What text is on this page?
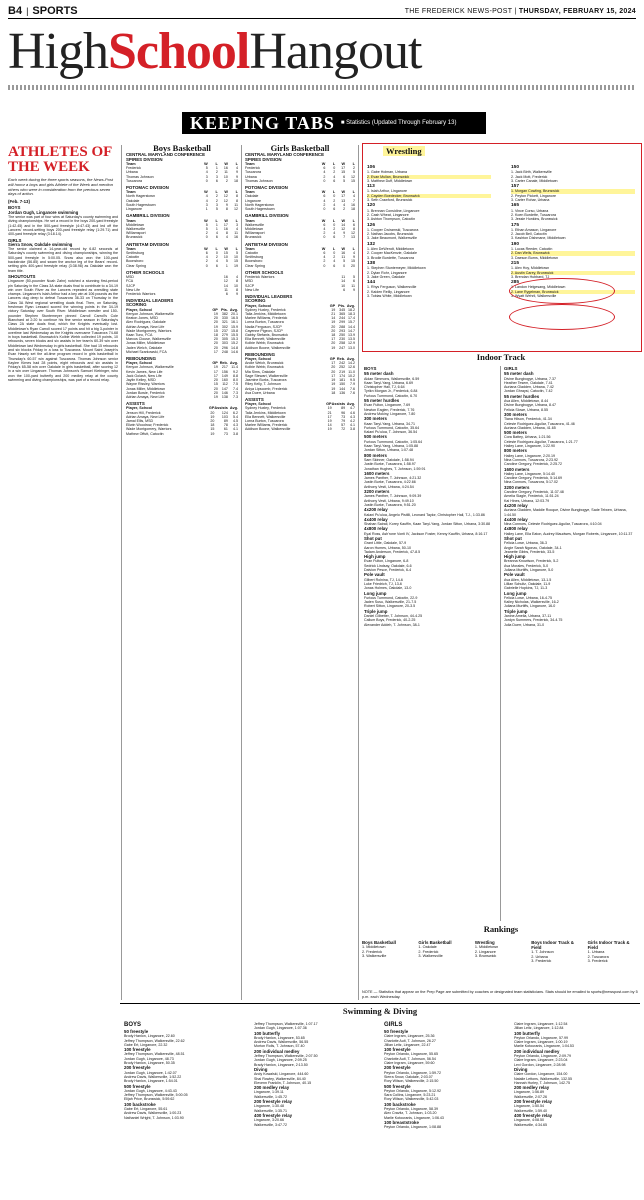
B4 | SPORTS	THE FREDERICK NEWS-POST | THURSDAY, FEBRUARY 15, 2024
HighSchoolHangout
KEEPING TABS ■ Statistics (Updated Through February 13)
ATHLETES OF THE WEEK
Each week during the three sports seasons, the News-Post will honor a boys and girls Athlete of the Week and mention others who were in consideration from the previous seven days of action.
(Feb. 7-13)
BOYS
Jordan Gugh, Linganore swimming
The senior was part of four wins at Saturday's county swimming and diving championships. He set a record in the boys 200-yard freestyle (1:42.45) and in the 500-yard freestyle (4:47.43) and led off the Lancers' record-setting boys 200-yard freestyle relay (1:29.71) and 400-yard freestyle relay (3:18.14).
GIRLS
Sierra Snow, Oakdale swimming
The senior claimed a 14-year-old record by 6.82 seconds at Saturday's county swimming and diving championships, winning the 500-yard freestyle in 5:00.05. Snow also won the 100-yard backstroke (56.85) and swam the anchor leg of the Bears' record-setting girls 400-yard freestyle relay (3:38.98) as Oakdale won the team title.
SHOUTOUTS
Linganore (50-pounder Noah Zahn) notched a stunning first-period pin Saturday in the Class 3A state duals final to contribute to a 34-19 win over South River as the Lancers repeated as wrestling state champs. Linganore's Isiah Arthur had a key win at 106 pounds as the Lancers dug deep to defeat Tuscarora 36-33 on Thursday in the Class 3A West regional wrestling duals final. Then, on Saturday, freshman Ryan Lessard scored the winning points in the 34-19 victory Saturday over South River. Middletown wrestler and 150-pounder Stephen Stuntemeyer pinned Carroll Carroll's Cole Blanchard at 2:20 to continue his fine senior season in Saturday's Class 2A state duals final, which the Knights eventually lost. Middletown's Ryan Carroll scored 17 points and hit a big 3-pointer in overtime last Wednesday as the Knights overcame Tuscarora 74-68 in boys basketball. Brunswick's Kolbie Webb collected 19 points, 10 rebounds, seven blocks and six assists in her team's 60-39 win over Middletown last Wednesday in girls basketball. She had 15 rebounds and six blocks Friday in a loss to Tuscarora. Mount Saint Joseph's Evan Hasely set the all-time program record in girls basketball in Thursday's 60-57 win against Tuscarora. Thomas Johnson senior Kaylee Kimes had 28 points, eight rebounds and six assists in Friday's 65-58 win over Oakdale in girls basketball, after scoring 12 in a win over Linganore. Thomas Johnson's Samuel Kiebinger, who won the 100-yard butterfly and 200 medley relay at the county swimming and diving championships, was part of a record relay.
Boys Basketball
CENTRAL MARYLAND CONFERENCE
SPIRES DIVISION
Team	W	L	W	L
Frederick	5	1	16	4
Urbana	4	2	11	9
Thomas Johnson	3	3	10	9
Tuscarora	0	6	2	18
POTOMAC DIVISION
Team	W	L	W	L
North Hagerstown	4	2	12	8
Oakdale	4	2	12	8
South Hagerstown	3	3	9	11
Linganore	1	5	8	12
GAMBRILL DIVISION
Team	W	L	W	L
Middletown	5	1	17	3
Walkersville	5	1	16	4
Williamsport	2	4	8	11
Brunswick	0	6	4	16
ANTIETAM DIVISION
Team	W	L	W	L
Smithsburg	6	0	15	5
Catoctin	4	2	10	10
Boonsboro	2	4	5	15
Clear Spring	0	6	1	19
OTHER SCHOOLS
MSD	16	4
FCA	12	8
SJCP	14	10
New Life	11	8
Frederick Warriors	6	9
INDIVIDUAL LEADERS
SCORING
Player, School	GP	Pts.	Avg.
Kenyon Johnson, Walkersville	19	382	20.1
Keaton Jones, MSD	20	330	16.5
Alex Rodriguez, Oakdale	20	321	16.1
Adrian Amaya, New Life	19	302	15.9
Wade Montgomery, Warriors	15	237	15.8
Kaan Tunc, FCA	18	279	15.5
Marcus Clouse, Walkersville	20	305	15.3
Jonas Miller, Middletown	20	303	15.2
Jaden Welch, Oakdale	20	296	14.8
Michael Szarkowski, FCA	17	248	14.6
REBOUNDING
Player, School	GP	Reb.	Avg.
Kenyon Johnson, Walkersville	19	217	11.4
Kevin James, New Life	17	156	9.2
Jack Golash, New Life	17	149	8.8
Jaylin Kelley, MSD	20	160	8.0
Wayne Rissley, Warriors	15	112	7.5
Jonas Miller, Middletown	20	147	7.4
Jordan Bowie, Frederick	20	146	7.3
Adrian Amaya, New Life	19	138	7.3
ASSISTS
Player, School	GP	Assists	Avg.
Jenson Hill, Frederick	20	124	6.2
Adrian Amaya, New Life	19	103	5.4
Jamal Ellis, MSD	20	89	4.5
Ellwin Woodrow, Frederick	18	78	4.3
Wade Montgomery, Warriors	15	61	4.1
Mathew Offutt, Catoctin	19	73	3.8
Girls Basketball
CENTRAL MARYLAND CONFERENCE
SPIRES DIVISION
Team	W	L	W	L
Frederick	6	0	17	2
Tuscarora	4	2	15	5
Urbana	2	4	6	12
Thomas Johnson	0	6	5	15
POTOMAC DIVISION
Team	W	L	W	L
Oakdale	6	0	17	4
Linganore	4	2	13	7
North Hagerstown	2	4	4	16
South Hagerstown	0	6	2	18
GAMBRILL DIVISION
Team	W	L	W	L
Walkersville	6	0	14	6
Middletown	4	2	12	8
Williamsport	2	4	9	12
Brunswick	0	6	7	13
ANTIETAM DIVISION
Team	W	L	W	L
Catoctin	6	0	16	4
Smithsburg	4	2	11	9
Boonsboro	2	4	5	15
Clear Spring	0	6	0	20
OTHER SCHOOLS
Frederick Warriors	11	5
MSD	14	6
SJCP	10	11
New Life	6	9
INDIVIDUAL LEADERS
SCORING
Player, School	GP	Pts.	Avg.
Sydney Huxley, Frederick	19	345	18.2
Talia Jenkins, Middletown	21	365	18.3
Marlee Williams, Frederick	14	244	17.4
Lorna Burton, Tuscarora	19	299	15.7
Nadia Ferguson, SJCP	20	288	14.4
Cayenne Pigeon, SJCP	20	293	14.7
Gabby Stefanis, Brunswick	18	250	13.9
Ella Bennett, Walkersville	17	230	13.5
Kolbie Webb, Brunswick	20	258	12.9
Addison Boone, Walkersville	19	247	13.0
REBOUNDING
Player, School	GP	Reb.	Avg.
Andie Welch, Brunswick	17	242	14.2
Kolbie Webb, Brunswick	20	252	12.6
Mia Sims, Oakdale	20	219	11.0
Sage Stewart, Walkersville	17	174	10.2
Jasmine Burks, Tuscarora	19	181	9.5
Riley Kelly, T. Johnson	19	150	7.9
Aniya Lipscomb, Frederick	19	144	7.6
Ava Duerr, Urbana	18	136	7.6
ASSISTS
Player, School	GP	Assists	Avg.
Sydney Huxley, Frederick	19	89	4.7
Talia Jenkins, Middletown	21	96	4.6
Ella Bennett, Walkersville	17	73	4.3
Lorna Burton, Tuscarora	19	79	4.2
Marlee Williams, Frederick	14	57	4.1
Addison Boone, Walkersville	19	72	3.8
Wrestling
106
1. Gabe Holman, Urbana
2. Evan Mullan, Brunswick
3. Matthew Duff, Middletown
113
1. Isiah Arthur, Linganore
2. Cayden Boedecker, Brunswick
3. Seth Crawford, Brunswick
120
1. Brennan Considine, Linganore
2. Cash Wheat, Linganore
3. Ashton Thompson, Catoctin
126
1. Cooper Cwiramski, Tuscarora
2. Nathan Jacobs, Brunswick
3. Jake Beaumont, Walkersville
132
1. Alex DeWendt, Middletown
2. Cooper MacKenzie, Oakdale
3. Brodie Burdette, Tuscarora
138
1. Stephen Stuntemeyer, Middletown
2. Dylan Rohr, Linganore
3. Jake Green, Oakdale
144
1. Rhys Ferguson, Walkersville
2. Kaiden Reilly, Linganore
3. Tobias White, Middletown
150
1. Jack Birth, Walkersville
2. Jack Mott, Frederick
3. Carter Canale, Middletown
157
1. Morgan Cowling, Brunswick
2. Peyton Pickett, Linganore
3. Carter Rohar, Urbana
165
1. Vince Corso, Urbana
2. Koen Burdette, Tuscarora
3. Jessie Hunkins, Brunswick
175
1. Ethan Amason, Linganore
2. Jacob Bell, Catoctin
3. Kashton Dishmane, Middletown
190
1. Lucas Reeder, Catoctin
2. Dan Wells, Brunswick
3. Daeson Burns, Middletown
215
1. Alex Hoy, Middletown
2. Austin Carey, Brunswick
3. Brendan Hubbard, TJ
285
1. Landon Helgesang, Middletown
2. Lane Rygelman, Brunswick
3. Wyatt Wehrli, Walkersville
Indoor Track
BOYS
55 meter dash
Aidan Simmons, Walkersville, 6.59
Kaan Taryl-Yang, Urbana, 6.69
Christopher Hall, TJ, 6.64
Tyrikn Morgan Jr., Frederick, 6.84
Furious Tummond, Catoctin, 6.70
55 meter hurdles
Evan Fulton, Linganore, 7.69
Newton Eaglen, Frederick, 7.76
Andrew Mokiny, Linganore, 7.80
300 meters
Kaan Taryl-Yang, Urbana, 34.71
Furious Tummond, Catoctin, 35.64
Kalani Pu'uloa, T. Johnson, 36.54
500 meters
Furious Tummond, Catoctin, 1:05.64
Kaan Taryl-Yang, Urbana, 1:05.88
Jordan Sitton, Urbana, 1:07.48
800 meters
Sam Skinner, Oakdale, 1:58.94
Justin Burke, Tuscarora, 1:58.97
Jonathan Hughes, T. Johnson, 1:59.91
1600 meters
James Panther, T. Johnson, 4:21.32
Justin Burke, Tuscarora, 4:22.66
Anthony Vesti, Urbana, 4:24.54
3200 meters
James Panther, T. Johnson, 9:09.39
Anthony Vesti, Urbana, 9:49.10
Justin Burke, Tuscarora, 9:51.20
4x200 relay
Kalani Pu'uloa, Angelo Pistilli, Leonard Taylor, Christopher Hall, T.J., 1:33.86
4x400 relay
Shahan Sairali, Korey Kauffin, Kaan Taryl-Yang, Jordan Sitton, Urbana, 3:30.88
4x800 relay
Eyal Ross, Ash'rone Vonti IV, Jackson Foster, Kenny Kauffin, Urbana, 8:16.17
Shot put
Grant Little, Oakdale, 57-9
Aaron Humes, Urbana, 50-10
Tadam Anderson, Frederick, 47-8.5
High jump
Evan Fulton, Linganore, 6-8
Sedrick Lindsay, Oakdale, 6-6
Daivion Pesce, Frederick, 6-4
Pole vault
Gilbert Rolnina, TJ, 14-6
Luke Friedrich, TJ, 13-6
Jonas Holmes, Oakdale, 13-0
Long jump
Furious Tummond, Catoctin, 22-9
Jaden Susu, Walkersville, 21-7.5
Robert Sitton, Linganore, 20-3.5
Triple jump
Daniel Gilbetter, T. Johnson, 44-4.25
Callum Boys, Frederick, 40-2.25
Alexander Addeh, T. Johnson, 38-1
GIRLS
55 meter dash
Divine Bungbogye, Urbana, 7.37
Heather Tesem, Oakdale, 7.41
Auriana Gladden, Urbana, 7.42
Jordan Ghraysi, Catoctin, 7.42
55 meter hurdles
Ava Allen, Middletown, 8.44
Divine Bungbogye, Urbana, 8.47
Felicia Slowe, Urbana, 8.55
300 meters
Tiana Hilson, Frederick, 41.34
Celeste Rodriguez-Aguilar, Tuscarora, 41.46
Auriana Gladden, Urbana, 41.65
500 meters
Cora Battey, Urbana, 1:21.56
Celeste Rodriguez-Aguilar, Tuscarora, 1:21.77
Hailey Lane, Linganore, 1:22.90
800 meters
Hailey Lane, Linganore, 2:20.19
Nina Connors, Tuscarora, 2:23.92
Caroline Gregory, Frederick, 2:25.72
1600 meters
Hailey Lane, Linganore, 5:14.40
Caroline Gregory, Frederick, 5:14.69
Nina Connors, Tuscarora, 5:17.02
3200 meters
Caroline Gregory, Frederick, 11:37.48
Amelia Slagle, Frederick, 11:51.24
Kai Hines, Urbana, 12:03.79
4x200 relay
Auriana Gladden, Maddie Rocque, Divine Bungbogye, Sade Telwen, Urbana, 1:44.50
4x400 relay
Nina Connors, Celeste Rodriguez-Aguilar, Tuscarora, 4:10.04
4x800 relay
Hailey Lane, Ella Eaton, Audrey Maudwes, Morgan Roberts, Linganore, 10:11.37
Shot put
Felicia Lowe, Urbana, 36-3
Angie Sarah Ngonzu, Oakdale, 34-1
Jeanette Gibbs, Frederick, 33-5
High jump
Breanna Knowlson, Frederick, 5-2
Ava Morales, Frederick, 5-0
Juliana Murtiffs, Linganore, 5-0
Pole vault
Ava Allen, Middletown, 13-1.5
Lillian Schultz, Oakdale, 11-9
Gabrielle Hopkins, TJ, 11-3
Long jump
Felicia Lowe, Urbana, 16-4.75
Kailey Nicholas, Walkersville, 16-2
Juliana Murtiffs, Linganore, 16-0
Triple jump
Janine Amelia, Urbana, 37-11
Jordyn Summers, Frederick, 34-4.75
Julia Duerr, Urbana, 31-0
Rankings
Boys Basketball
1. Middletown
2. Frederick
3. Walkersville
Girls Basketball
1. Oakdale
2. Frederick
3. Walkersville
Wrestling
1. Middletown
2. Linganore
3. Brunswick
Boys Indoor Track & Field
1. T. Johnson
2. Urbana
3. Frederick
Girls Indoor Track & Field
1. Urbana
2. Tuscarora
3. Frederick
NOTE — Statistics that appear on the Prep Page are submitted by coaches or designated team statisticians. Stats should be emailed to sports@newspost.com by 5 p.m. each Wednesday.
Swimming & Diving
BOYS
50 freestyle
Brody Hanlon, Linganore, 22.60
Jeffrey Thompson, Walkersville, 22.62
Gabe Ert, Linganore, 22.32
100 freestyle
Jeffrey Thompson, Walkersville, 48.51
Jordan Gugh, Linganore, 48.73
Brody Hanlon, Linganore, 50.35
200 freestyle
Jordan Gugh, Linganore, 1:42.07
Andrew Davis, Walkersville, 1:52.22
Brody Hanlon, Linganore, 1:54.01
500 freestyle
Jordan Gugh, Linganore, 4:43.43
Jeffrey Thompson, Walkersville, 5:00.05
Elijah Price, Brunswick, 5:59.62
100 backstroke
Gabe Ert, Linganore, 55.61
Andrew Davis, Walkersville, 1:00.23
Nathaniel Wright, T. Johnson, 1:03.90
Jeffrey Thompson, Walkersville, 1:07.17
Jordan Gugh, Linganore, 1:07.36
100 butterfly
Brody Hanlon, Linganore, 53.65
Andrew Davis, Walkersville, 56.55
Morton Rolls, T. Johnson, 57.40
200 individual medley
Jeffrey Thompson, Walkersville, 2:07.50
Jordan Gugh, Linganore, 2:09.25
Brady Hanlon, Linganore, 2:13.50
Diving
Andy Kowalski, Linganore, 444.60
Shai Rowley, Walkersville, 84.40
Elevenn Franklin, T. Johnson, 40.15
200 medley relay
Linganore, 1:39.11
Walkersville, 1:45.72
200 freestyle relay
Linganore, 1:30.48
Walkersville, 1:35.71
400 freestyle relay
Linganore, 3:20.66
Walkersville, 3:47.72
GIRLS
50 freestyle
Claire Ingram, Linganore, 25.36
Charlotte Ault, T. Johnson, 26.27
Jillian Leitz, Linganore, 22.47
100 freestyle
Peyton Orlando, Linganore, 55.65
Charlotte Ault, T. Johnson, 56.54
Claire Ingram, Linganore, 59.60
200 freestyle
Peyton Orlando, Linganore, 1:59.72
Sierra Snow, Oakdale, 2:03.07
Rory Wilson, Walkersville, 2:15.50
500 freestyle
Peyton Orlando, Linganore, 5:12.92
Sara Collins, Linganore, 5:23.21
Rory Wilson, Walkersville, 5:42.03
100 backstroke
Peyton Orlando, Linganore, 58.39
Alex Cravitz, T. Johnson, 1:03.20
Marlie Kotouranis, Linganore, 1:06.43
100 breaststroke
Peyton Orlando, Linganore, 1:08.88
Claire Ingram, Linganore, 1:12.54
Jillian Leitz, Linganore, 1:12.84
100 butterfly
Peyton Orlando, Linganore, 57.99
Claire Ingram, Linganore, 1:00.19
Marlie Kotouranis, Linganore, 1:04.53
200 individual medley
Peyton Orlando, Linganore, 2:09.79
Claire Ingram, Linganore, 2:23.04
Lexi Gordon, Linganore, 2:28.98
Diving
Claire Gordon, Linganore, 154.00
Natalie Lettons, Walkersville, 132.55
Hannah Hurley, T. Johnson, 142.75
200 medley relay
Linganore, 1:56.89
Walkersville, 2:07.26
200 freestyle relay
Linganore, 1:50.54
Walkersville, 1:59.40
400 freestyle relay
Linganore, 4:08.50
Walkersville, 4:34.65
